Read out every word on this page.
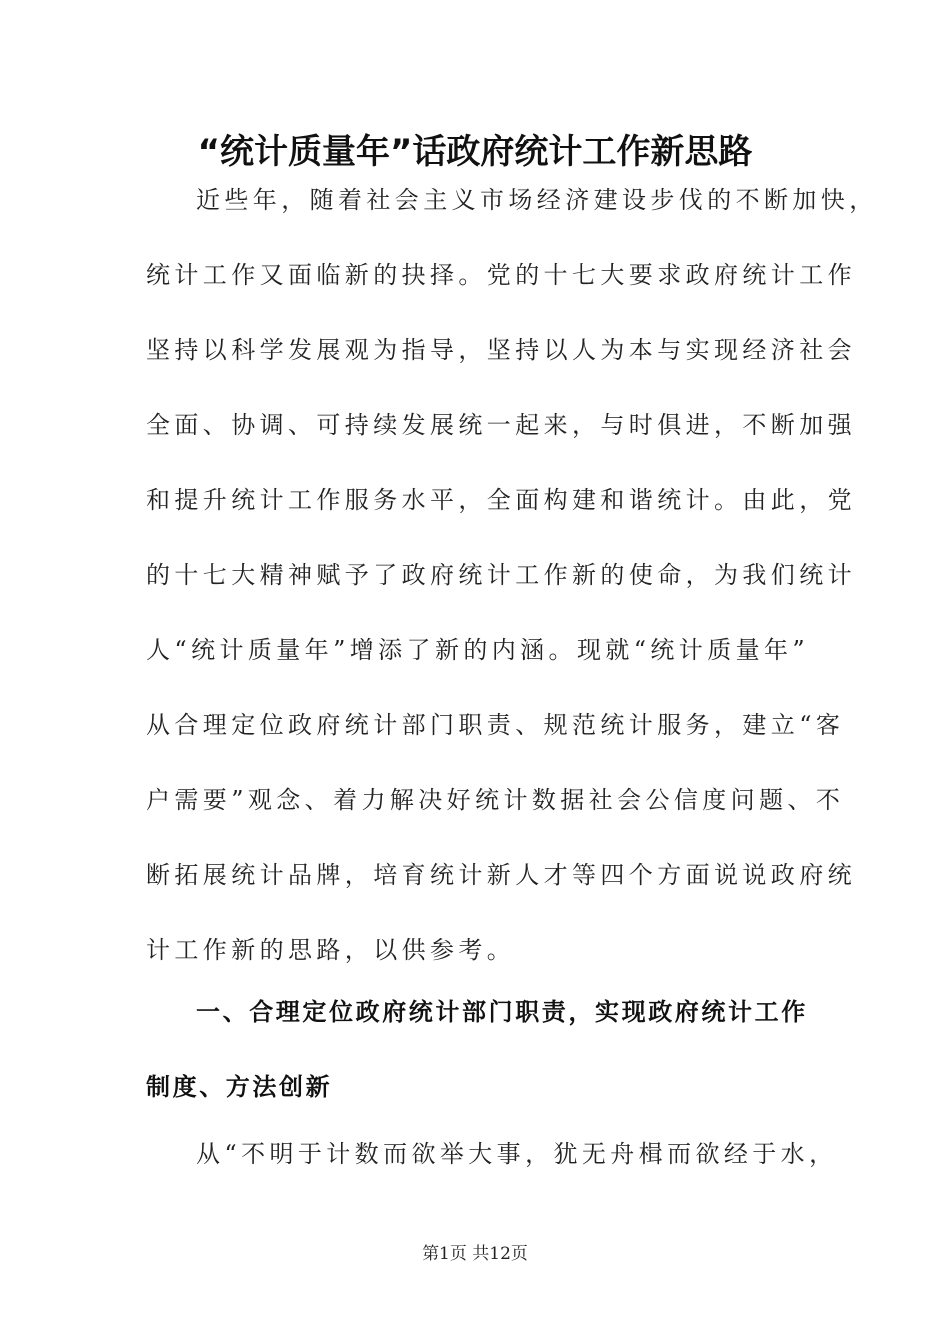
“统计质量年”话政府统计工作新思路

近些年，随着社会主义市场经济建设步伐的不断加快，

统计工作又面临新的抉择。党的十七大要求政府统计工作

坚持以科学发展观为指导，坚持以人为本与实现经济社会

全面、协调、可持续发展统一起来，与时俱进，不断加强

和提升统计工作服务水平，全面构建和谐统计。由此，党

的十七大精神赋予了政府统计工作新的使命，为我们统计

人“统计质量年”增添了新的内涵。现就“统计质量年”

从合理定位政府统计部门职责、规范统计服务，建立“客

户需要”观念、着力解决好统计数据社会公信度问题、不

断拓展统计品牌，培育统计新人才等四个方面说说政府统

计工作新的思路，以供参考。

一、合理定位政府统计部门职责，实现政府统计工作

制度、方法创新

从“不明于计数而欲举大事，犹无舟楫而欲经于水，

第1页 共12页
